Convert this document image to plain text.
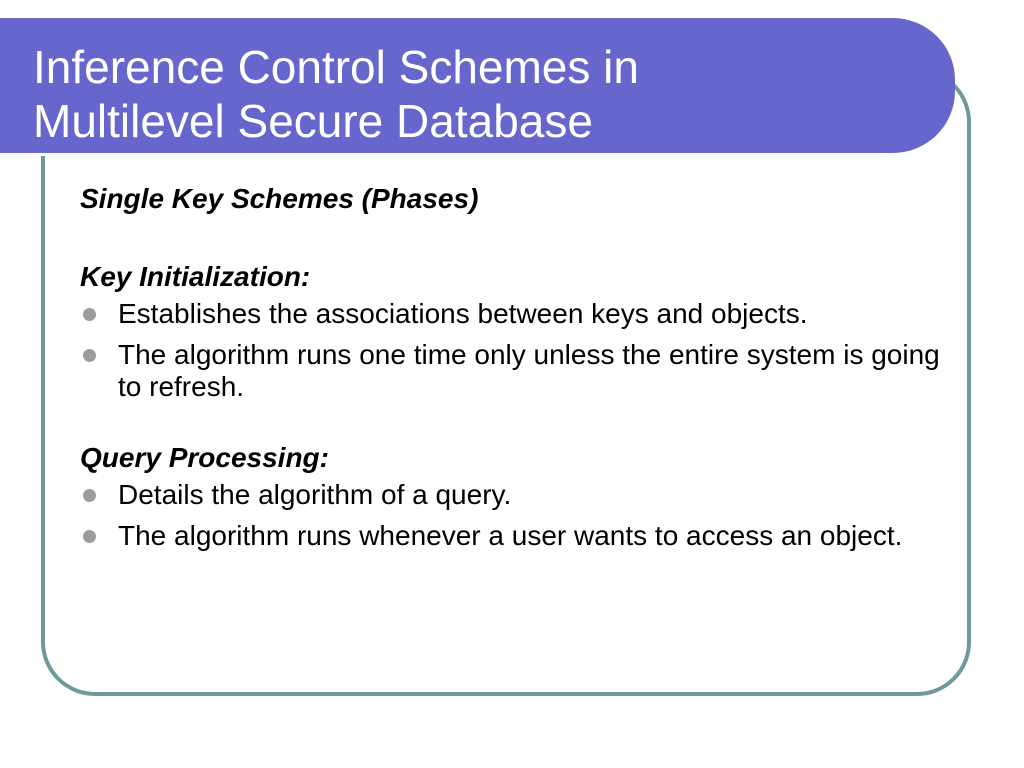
Inference Control Schemes in
Multilevel Secure Database

Single Key Schemes (Phases)

Key Initialization:

Establishes the associations between keys and objects.
The algorithm runs one time only unless the entire system is going to refresh.

Query Processing:

Details the algorithm of a query.
The algorithm runs whenever a user wants to access an object.
